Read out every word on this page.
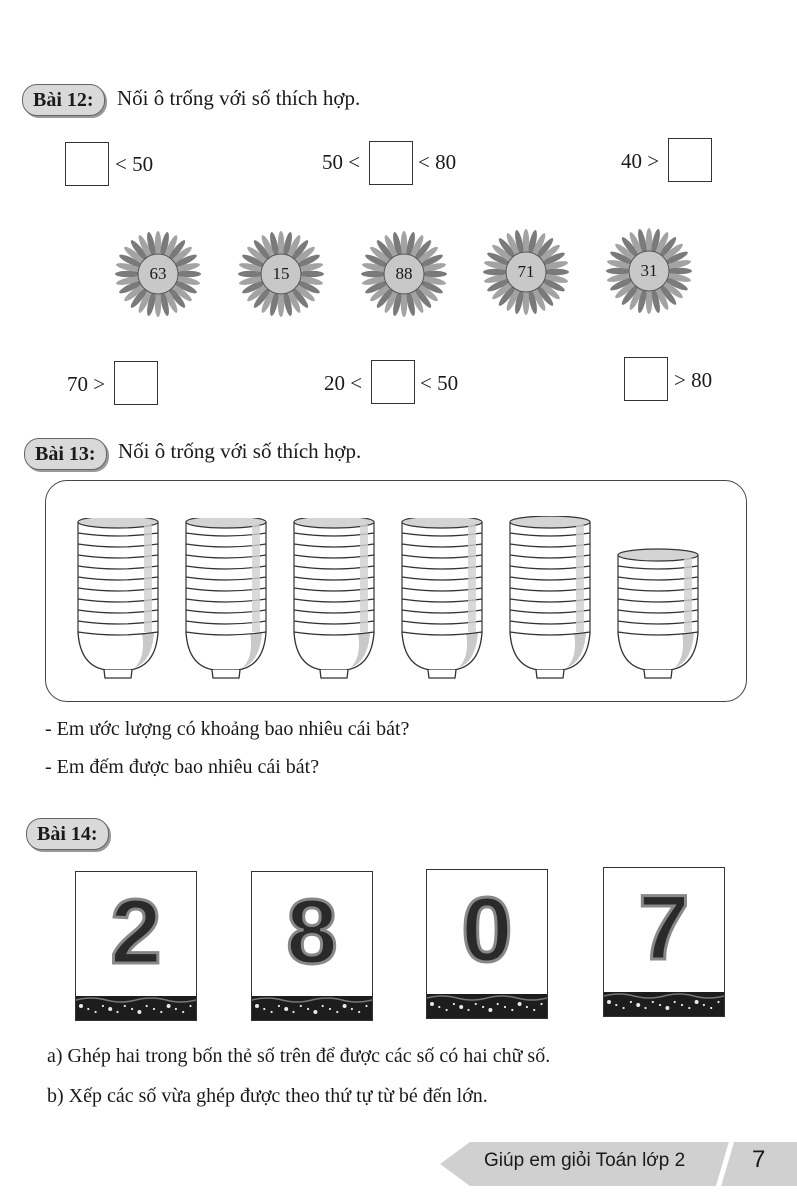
Bài 12:	Nối ô trống với số thích hợp.
< 50	50 <	< 80	40 >
63	15	88	71	31
70 >	20 <	< 50	> 80
Bài 13:	Nối ô trống với số thích hợp.
- Em ước lượng có khoảng bao nhiêu cái bát?
- Em đếm được bao nhiêu cái bát?
Bài 14:
2	8	0	7
a) Ghép hai trong bốn thẻ số trên để được các số có hai chữ số.
b) Xếp các số vừa ghép được theo thứ tự từ bé đến lớn.
Giúp em giỏi Toán lớp 2	7
